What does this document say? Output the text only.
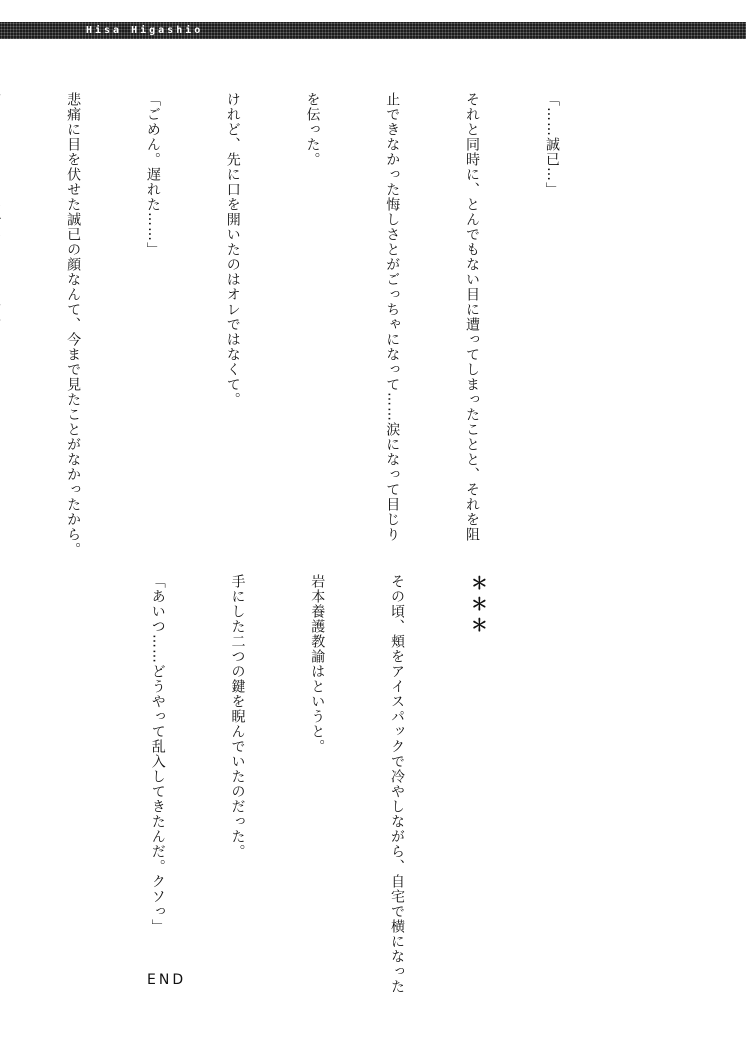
Hisa Higashio

「……誠已…」

それと同時に、とんでもない目に遭ってしまったことと、それを阻

止できなかった悔しさとがごっちゃになって……涙になって目じり

を伝った。

けれど、先に口を開いたのはオレではなくて。

「ごめん。遅れた……」

悲痛に目を伏せた誠已の顔なんて、今まで見たことがなかったから。

＊＊＊

その頃、頬をアイスパックで冷やしながら、自宅で横になった

岩本養護教諭はというと。

手にした二つの鍵を睨んでいたのだった。

「あいつ……どうやって乱入してきたんだ。クソっ」

END
